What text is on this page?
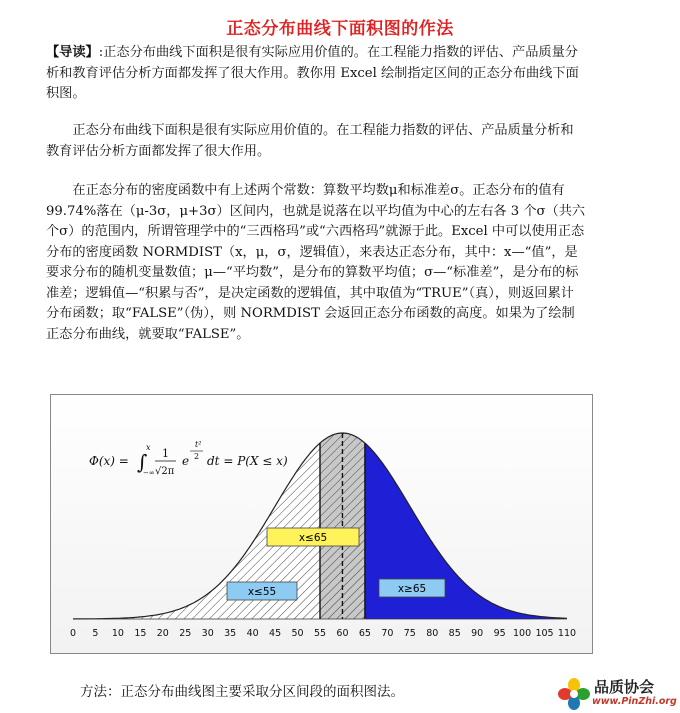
正态分布曲线下面积图的作法
【导读】:正态分布曲线下面积是很有实际应用价值的。在工程能力指数的评估、产品质量分析和教育评估分析方面都发挥了很大作用。教你用 Excel 绘制指定区间的正态分布曲线下面积图。
正态分布曲线下面积是很有实际应用价值的。在工程能力指数的评估、产品质量分析和教育评估分析方面都发挥了很大作用。
在正态分布的密度函数中有上述两个常数：算数平均数μ和标准差σ。正态分布的值有 99.74%落在（μ-3σ，μ+3σ）区间内，也就是说落在以平均值为中心的左右各 3 个σ（共六个σ）的范围内，所谓管理学中的“三西格玛”或“六西格玛”就源于此。Excel 中可以使用正态分布的密度函数 NORMDIST（x，μ，σ，逻辑值），来表达正态分布，其中：x—“值”，是要求分布的随机变量数值；μ—“平均数”，是分布的算数平均值；σ—“标准差”，是分布的标准差；逻辑值—“积累与否”，是决定函数的逻辑值，其中取值为“TRUE”（真），则返回累计分布函数；取“FALSE”（伪），则 NORMDIST 会返回正态分布函数的高度。如果为了绘制正态分布曲线，就要取“FALSE”。
0 5 10 15 20 25 30 35 40 45 50 55 60 65 70 75 80 85 90 95 100 105 110
x≤65
x≤55	x≥65
Φ(x) = ∫
x
−∞
1
√2π
e
t²
2 dt = P(X ≤ x)
方法：正态分布曲线图主要采取分区间段的面积图法。	品质协会
www.PinZhi.org
